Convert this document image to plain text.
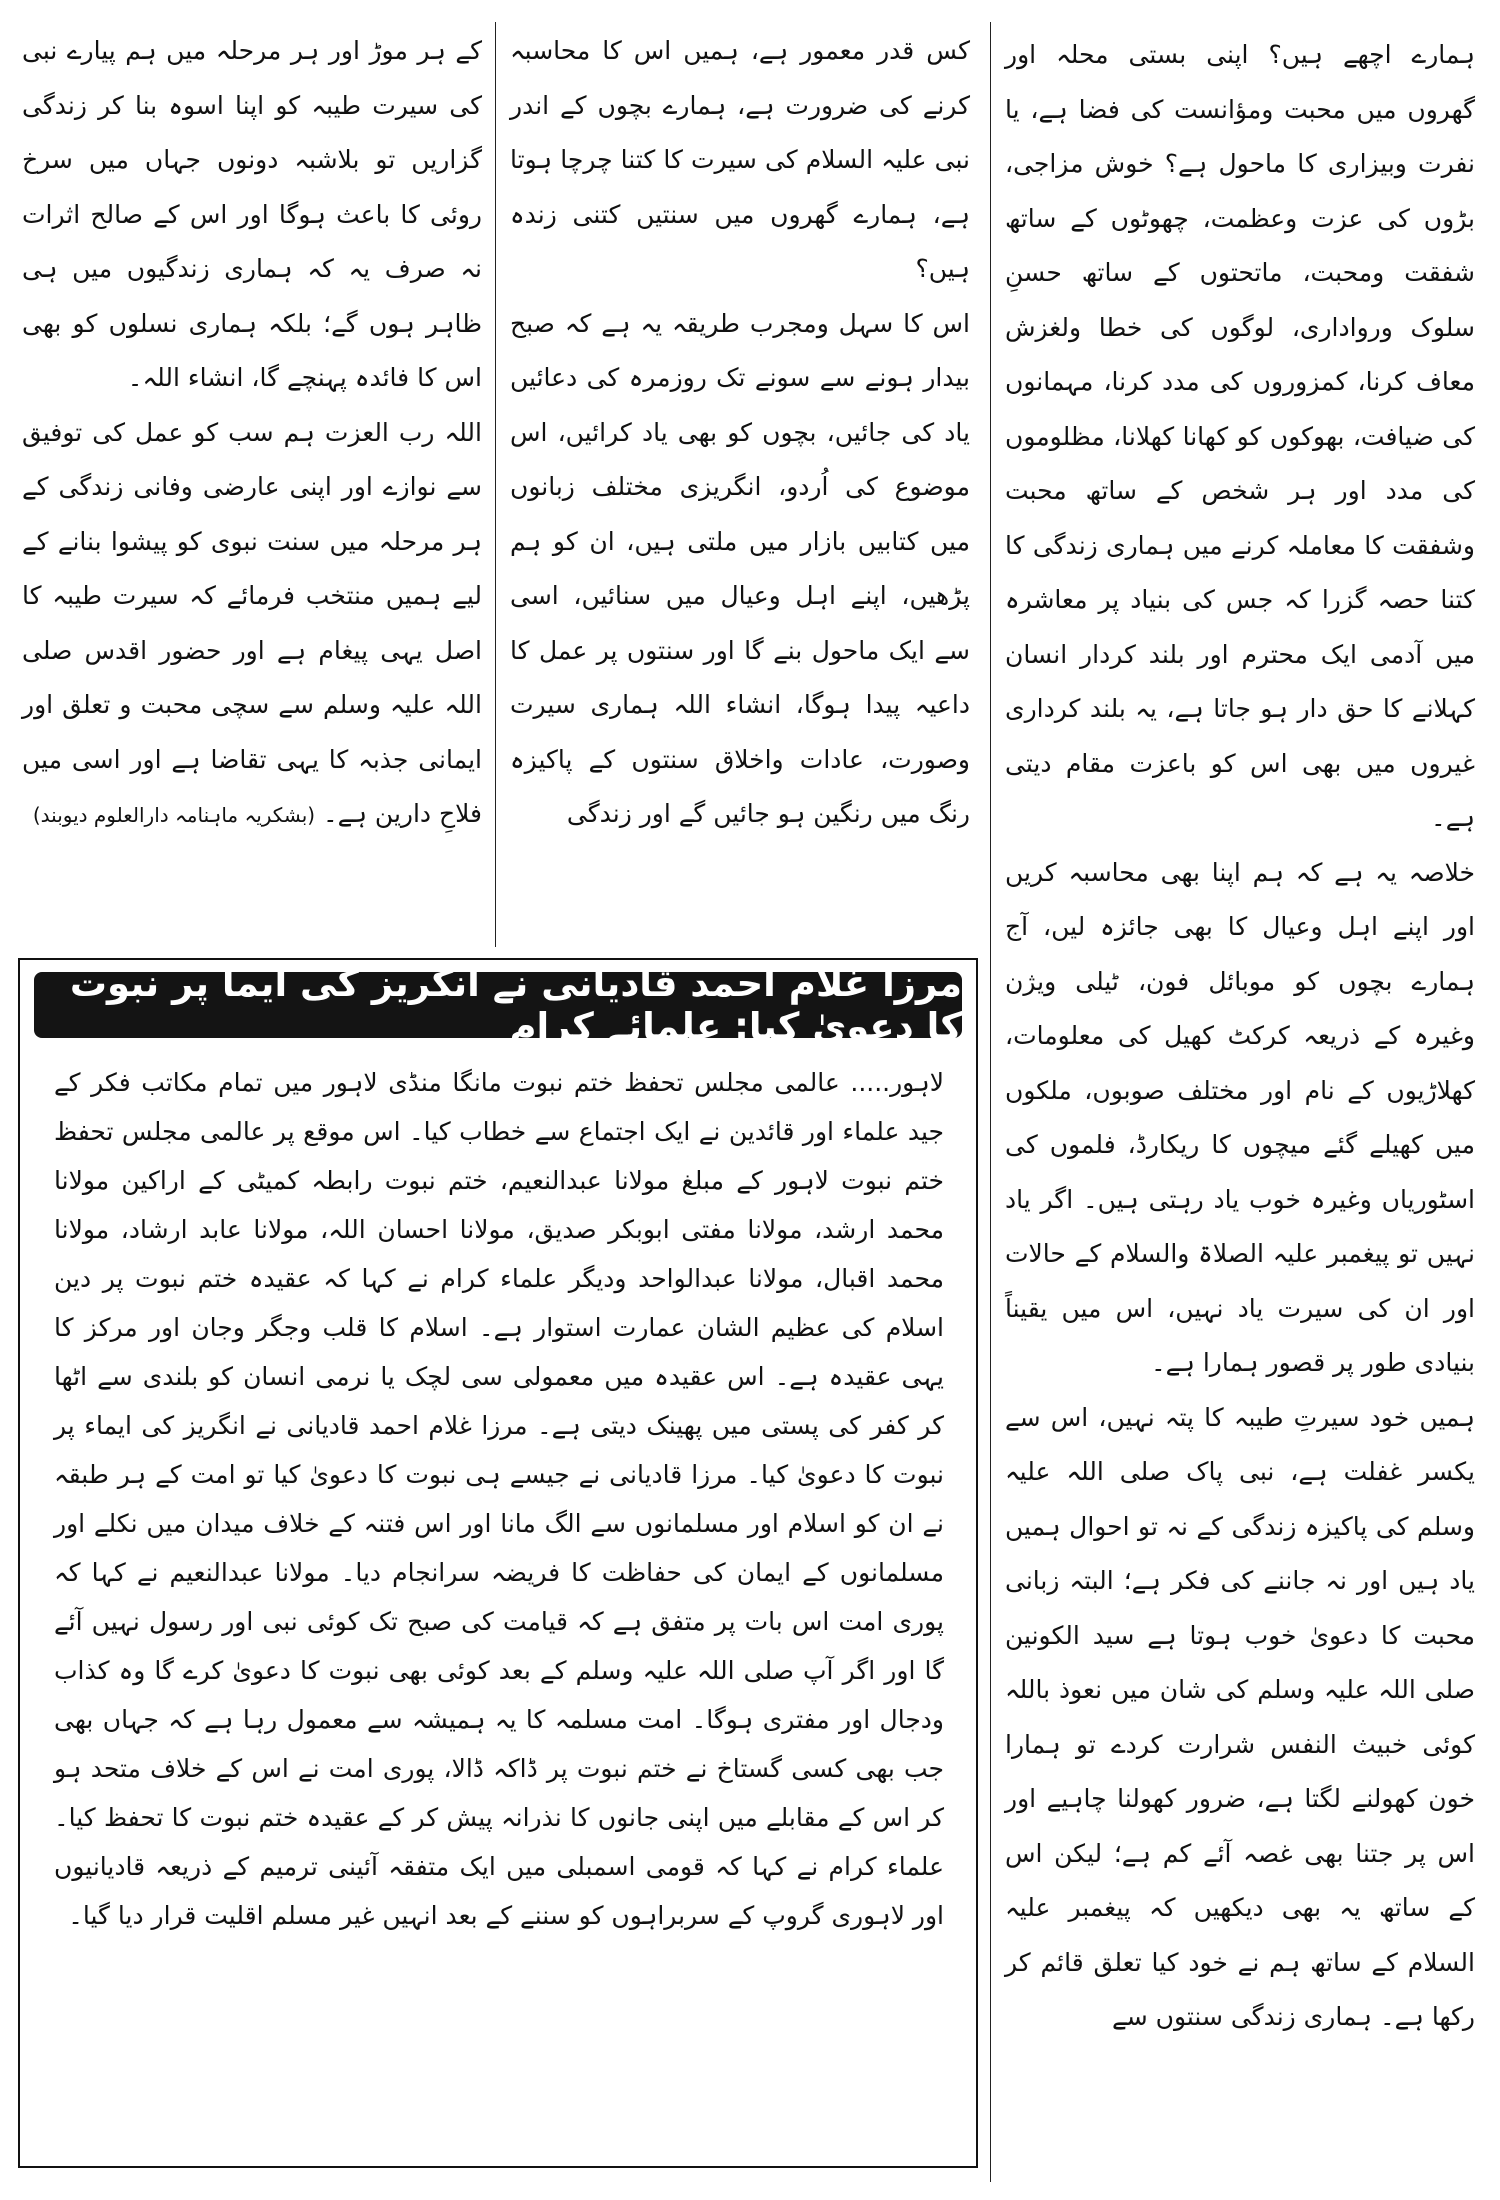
ہمارے اچھے ہیں؟ اپنی بستی محلہ اور گھروں میں محبت ومؤانست کی فضا ہے، یا نفرت وبیزاری کا ماحول ہے؟ خوش مزاجی، بڑوں کی عزت وعظمت، چھوٹوں کے ساتھ شفقت ومحبت، ماتحتوں کے ساتھ حسنِ سلوک ورواداری، لوگوں کی خطا ولغزش معاف کرنا، کمزوروں کی مدد کرنا، مہمانوں کی ضیافت، بھوکوں کو کھانا کھلانا، مظلوموں کی مدد اور ہر شخص کے ساتھ محبت وشفقت کا معاملہ کرنے میں ہماری زندگی کا کتنا حصہ گزرا کہ جس کی بنیاد پر معاشرہ میں آدمی ایک محترم اور بلند کردار انسان کہلانے کا حق دار ہو جاتا ہے، یہ بلند کرداری غیروں میں بھی اس کو باعزت مقام دیتی ہے۔

خلاصہ یہ ہے کہ ہم اپنا بھی محاسبہ کریں اور اپنے اہل وعیال کا بھی جائزہ لیں، آج ہمارے بچوں کو موبائل فون، ٹیلی ویژن وغیرہ کے ذریعہ کرکٹ کھیل کی معلومات، کھلاڑیوں کے نام اور مختلف صوبوں، ملکوں میں کھیلے گئے میچوں کا ریکارڈ، فلموں کی اسٹوریاں وغیرہ خوب یاد رہتی ہیں۔ اگر یاد نہیں تو پیغمبر علیہ الصلاۃ والسلام کے حالات اور ان کی سیرت یاد نہیں، اس میں یقیناً بنیادی طور پر قصور ہمارا ہے۔

ہمیں خود سیرتِ طیبہ کا پتہ نہیں، اس سے یکسر غفلت ہے، نبی پاک صلی اللہ علیہ وسلم کی پاکیزہ زندگی کے نہ تو احوال ہمیں یاد ہیں اور نہ جاننے کی فکر ہے؛ البتہ زبانی محبت کا دعویٰ خوب ہوتا ہے سید الکونین صلی اللہ علیہ وسلم کی شان میں نعوذ باللہ کوئی خبیث النفس شرارت کردے تو ہمارا خون کھولنے لگتا ہے، ضرور کھولنا چاہیے اور اس پر جتنا بھی غصہ آئے کم ہے؛ لیکن اس کے ساتھ یہ بھی دیکھیں کہ پیغمبر علیہ السلام کے ساتھ ہم نے خود کیا تعلق قائم کر رکھا ہے۔ ہماری زندگی سنتوں سے

کس قدر معمور ہے، ہمیں اس کا محاسبہ کرنے کی ضرورت ہے، ہمارے بچوں کے اندر نبی علیہ السلام کی سیرت کا کتنا چرچا ہوتا ہے، ہمارے گھروں میں سنتیں کتنی زندہ ہیں؟

اس کا سہل ومجرب طریقہ یہ ہے کہ صبح بیدار ہونے سے سونے تک روزمرہ کی دعائیں یاد کی جائیں، بچوں کو بھی یاد کرائیں، اس موضوع کی اُردو، انگریزی مختلف زبانوں میں کتابیں بازار میں ملتی ہیں، ان کو ہم پڑھیں، اپنے اہل وعیال میں سنائیں، اسی سے ایک ماحول بنے گا اور سنتوں پر عمل کا داعیہ پیدا ہوگا، انشاء اللہ ہماری سیرت وصورت، عادات واخلاق سنتوں کے پاکیزہ رنگ میں رنگین ہو جائیں گے اور زندگی

کے ہر موڑ اور ہر مرحلہ میں ہم پیارے نبی کی سیرت طیبہ کو اپنا اسوہ بنا کر زندگی گزاریں تو بلاشبہ دونوں جہاں میں سرخ روئی کا باعث ہوگا اور اس کے صالح اثرات نہ صرف یہ کہ ہماری زندگیوں میں ہی ظاہر ہوں گے؛ بلکہ ہماری نسلوں کو بھی اس کا فائدہ پہنچے گا، انشاء اللہ۔

اللہ رب العزت ہم سب کو عمل کی توفیق سے نوازے اور اپنی عارضی وفانی زندگی کے ہر مرحلہ میں سنت نبوی کو پیشوا بنانے کے لیے ہمیں منتخب فرمائے کہ سیرت طیبہ کا اصل یہی پیغام ہے اور حضور اقدس صلی اللہ علیہ وسلم سے سچی محبت و تعلق اور ایمانی جذبہ کا یہی تقاضا ہے اور اسی میں فلاحِ دارین ہے۔ (بشکریہ ماہنامہ دارالعلوم دیوبند)

مرزا غلام احمد قادیانی نے انگریز کی ایما پر نبوت کا دعویٰ کیا: علمائے کرام

لاہور..... عالمی مجلس تحفظ ختم نبوت مانگا منڈی لاہور میں تمام مکاتب فکر کے جید علماء اور قائدین نے ایک اجتماع سے خطاب کیا۔ اس موقع پر عالمی مجلس تحفظ ختم نبوت لاہور کے مبلغ مولانا عبدالنعیم، ختم نبوت رابطہ کمیٹی کے اراکین مولانا محمد ارشد، مولانا مفتی ابوبکر صدیق، مولانا احسان اللہ، مولانا عابد ارشاد، مولانا محمد اقبال، مولانا عبدالواحد ودیگر علماء کرام نے کہا کہ عقیدہ ختم نبوت پر دین اسلام کی عظیم الشان عمارت استوار ہے۔ اسلام کا قلب وجگر وجان اور مرکز کا یہی عقیدہ ہے۔ اس عقیدہ میں معمولی سی لچک یا نرمی انسان کو بلندی سے اٹھا کر کفر کی پستی میں پھینک دیتی ہے۔ مرزا غلام احمد قادیانی نے انگریز کی ایماء پر نبوت کا دعویٰ کیا۔ مرزا قادیانی نے جیسے ہی نبوت کا دعویٰ کیا تو امت کے ہر طبقہ نے ان کو اسلام اور مسلمانوں سے الگ مانا اور اس فتنہ کے خلاف میدان میں نکلے اور مسلمانوں کے ایمان کی حفاظت کا فریضہ سرانجام دیا۔ مولانا عبدالنعیم نے کہا کہ پوری امت اس بات پر متفق ہے کہ قیامت کی صبح تک کوئی نبی اور رسول نہیں آئے گا اور اگر آپ صلی اللہ علیہ وسلم کے بعد کوئی بھی نبوت کا دعویٰ کرے گا وہ کذاب ودجال اور مفتری ہوگا۔ امت مسلمہ کا یہ ہمیشہ سے معمول رہا ہے کہ جہاں بھی جب بھی کسی گستاخ نے ختم نبوت پر ڈاکہ ڈالا، پوری امت نے اس کے خلاف متحد ہو کر اس کے مقابلے میں اپنی جانوں کا نذرانہ پیش کر کے عقیدہ ختم نبوت کا تحفظ کیا۔ علماء کرام نے کہا کہ قومی اسمبلی میں ایک متفقہ آئینی ترمیم کے ذریعہ قادیانیوں اور لاہوری گروپ کے سربراہوں کو سننے کے بعد انہیں غیر مسلم اقلیت قرار دیا گیا۔
